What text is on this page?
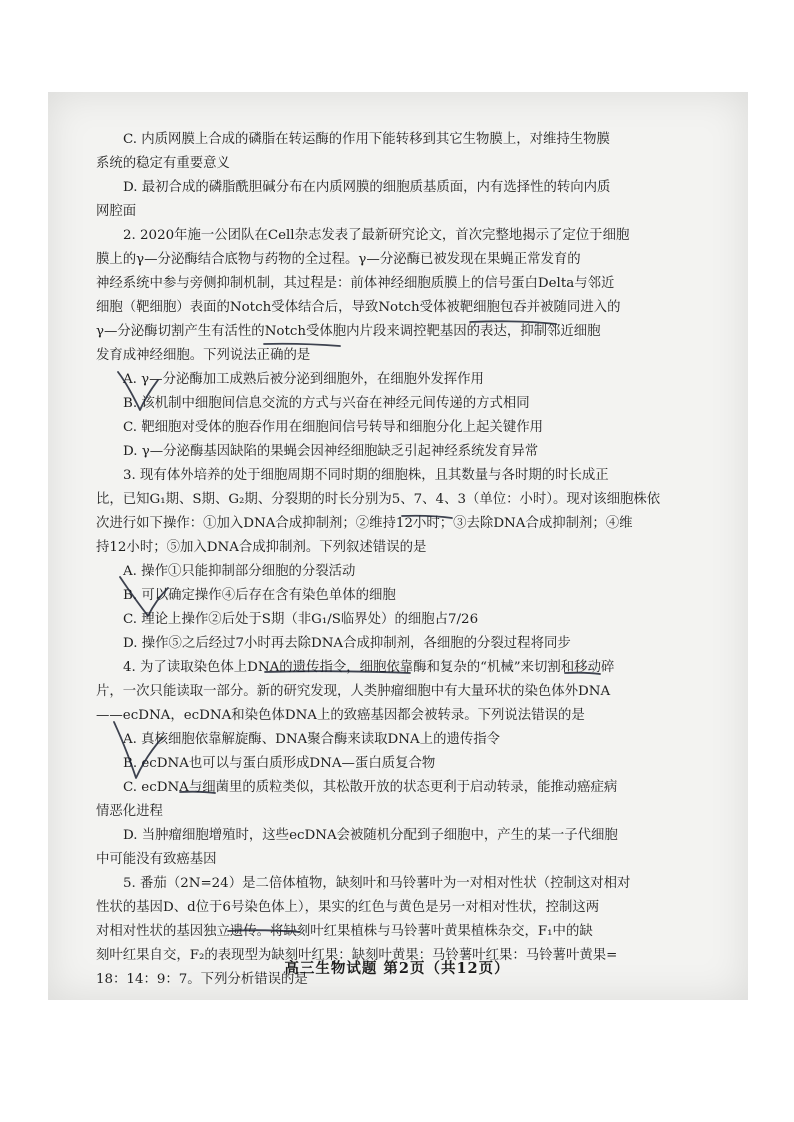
C. 内质网膜上合成的磷脂在转运酶的作用下能转移到其它生物膜上，对维持生物膜

系统的稳定有重要意义

D. 最初合成的磷脂酰胆碱分布在内质网膜的细胞质基质面，内有选择性的转向内质

网腔面

2. 2020年施一公团队在Cell杂志发表了最新研究论文，首次完整地揭示了定位于细胞

膜上的γ—分泌酶结合底物与药物的全过程。γ—分泌酶已被发现在果蝇正常发育的

神经系统中参与旁侧抑制机制，其过程是：前体神经细胞质膜上的信号蛋白Delta与邻近

细胞（靶细胞）表面的Notch受体结合后，导致Notch受体被靶细胞包吞并被随同进入的

γ—分泌酶切割产生有活性的Notch受体胞内片段来调控靶基因的表达，抑制邻近细胞

发育成神经细胞。下列说法正确的是

A. γ—分泌酶加工成熟后被分泌到细胞外，在细胞外发挥作用

B. 该机制中细胞间信息交流的方式与兴奋在神经元间传递的方式相同

C. 靶细胞对受体的胞吞作用在细胞间信号转导和细胞分化上起关键作用

D. γ—分泌酶基因缺陷的果蝇会因神经细胞缺乏引起神经系统发育异常

3. 现有体外培养的处于细胞周期不同时期的细胞株，且其数量与各时期的时长成正

比，已知G₁期、S期、G₂期、分裂期的时长分别为5、7、4、3（单位：小时）。现对该细胞株依

次进行如下操作：①加入DNA合成抑制剂；②维持12小时；③去除DNA合成抑制剂；④维

持12小时；⑤加入DNA合成抑制剂。下列叙述错误的是

A. 操作①只能抑制部分细胞的分裂活动

B. 可以确定操作④后存在含有染色单体的细胞

C. 理论上操作②后处于S期（非G₁/S临界处）的细胞占7/26

D. 操作⑤之后经过7小时再去除DNA合成抑制剂，各细胞的分裂过程将同步

4. 为了读取染色体上DNA的遗传指令，细胞依靠酶和复杂的“机械”来切割和移动碎

片，一次只能读取一部分。新的研究发现，人类肿瘤细胞中有大量环状的染色体外DNA

——ecDNA，ecDNA和染色体DNA上的致癌基因都会被转录。下列说法错误的是

A. 真核细胞依靠解旋酶、DNA聚合酶来读取DNA上的遗传指令

B. ecDNA也可以与蛋白质形成DNA—蛋白质复合物

C. ecDNA与细菌里的质粒类似，其松散开放的状态更利于启动转录，能推动癌症病

情恶化进程

D. 当肿瘤细胞增殖时，这些ecDNA会被随机分配到子细胞中，产生的某一子代细胞

中可能没有致癌基因

5. 番茄（2N=24）是二倍体植物，缺刻叶和马铃薯叶为一对相对性状（控制这对相对

性状的基因D、d位于6号染色体上），果实的红色与黄色是另一对相对性状，控制这两

对相对性状的基因独立遗传。将缺刻叶红果植株与马铃薯叶黄果植株杂交，F₁中的缺

刻叶红果自交，F₂的表现型为缺刻叶红果：缺刻叶黄果：马铃薯叶红果：马铃薯叶黄果=

18：14：9：7。下列分析错误的是

高三生物试题 第2页（共12页）
